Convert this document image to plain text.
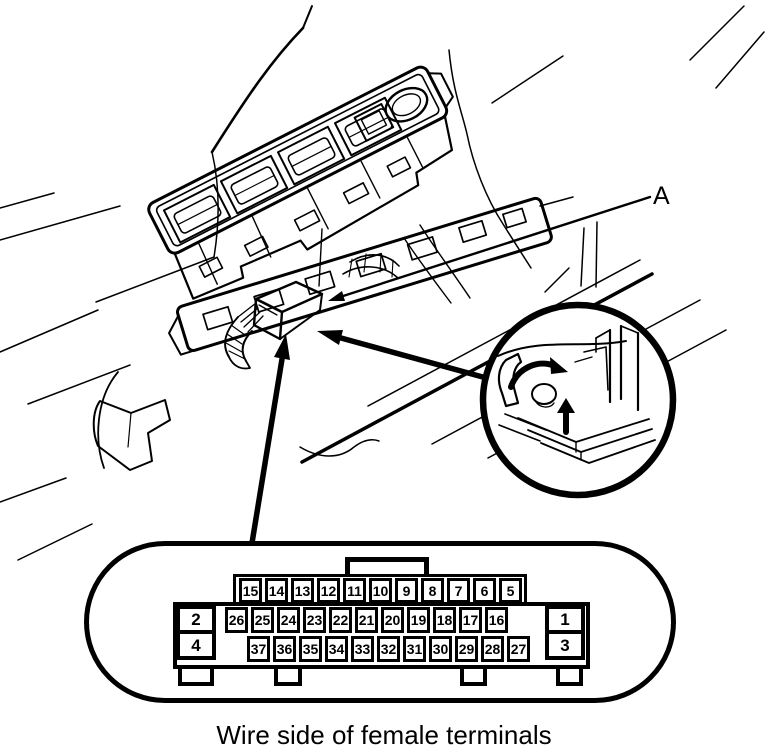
A
15 14 13 12 11 10	9	8	7	6	5
26 25 24 23 22 21 20 19 18 17 16
37 36 35 34 33 32 31 30 29 28 27
2
4
1
3
Wire side of female terminals
